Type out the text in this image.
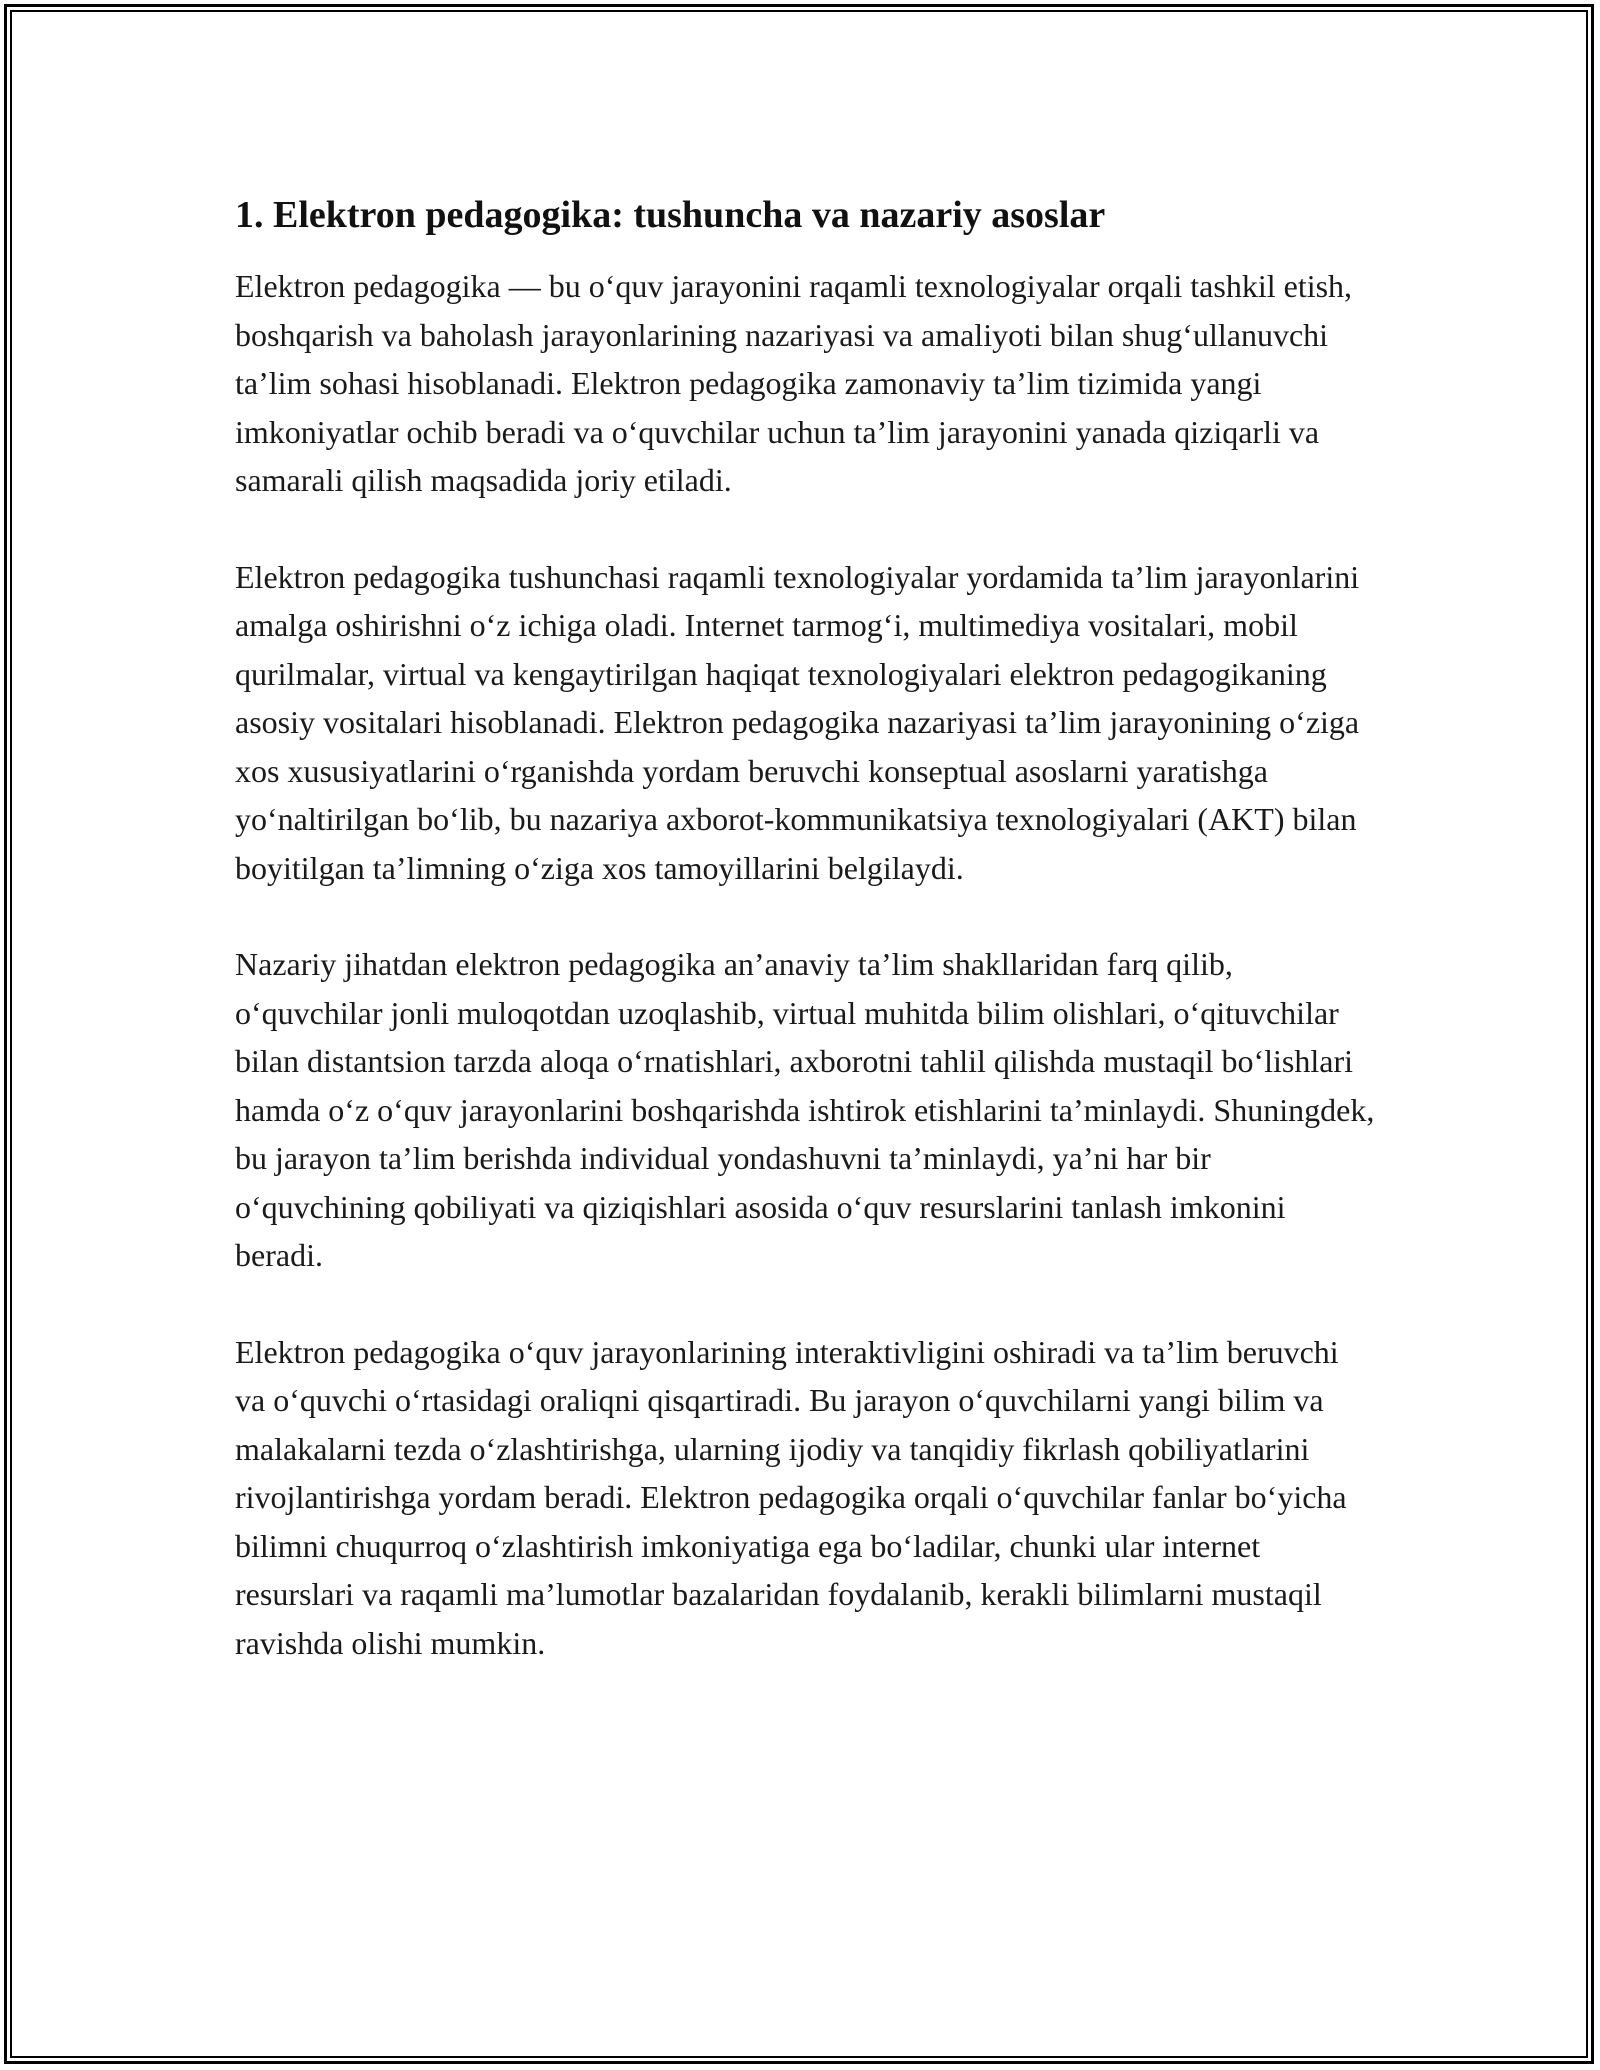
1. Elektron pedagogika: tushuncha va nazariy asoslar

Elektron pedagogika — bu o‘quv jarayonini raqamli texnologiyalar orqali tashkil etish, boshqarish va baholash jarayonlarining nazariyasi va amaliyoti bilan shug‘ullanuvchi ta’lim sohasi hisoblanadi. Elektron pedagogika zamonaviy ta’lim tizimida yangi imkoniyatlar ochib beradi va o‘quvchilar uchun ta’lim jarayonini yanada qiziqarli va samarali qilish maqsadida joriy etiladi.

Elektron pedagogika tushunchasi raqamli texnologiyalar yordamida ta’lim jarayonlarini amalga oshirishni o‘z ichiga oladi. Internet tarmog‘i, multimediya vositalari, mobil qurilmalar, virtual va kengaytirilgan haqiqat texnologiyalari elektron pedagogikaning asosiy vositalari hisoblanadi. Elektron pedagogika nazariyasi ta’lim jarayonining o‘ziga xos xususiyatlarini o‘rganishda yordam beruvchi konseptual asoslarni yaratishga yo‘naltirilgan bo‘lib, bu nazariya axborot-kommunikatsiya texnologiyalari (AKT) bilan boyitilgan ta’limning o‘ziga xos tamoyillarini belgilaydi.

Nazariy jihatdan elektron pedagogika an’anaviy ta’lim shakllaridan farq qilib, o‘quvchilar jonli muloqotdan uzoqlashib, virtual muhitda bilim olishlari, o‘qituvchilar bilan distantsion tarzda aloqa o‘rnatishlari, axborotni tahlil qilishda mustaqil bo‘lishlari hamda o‘z o‘quv jarayonlarini boshqarishda ishtirok etishlarini ta’minlaydi. Shuningdek, bu jarayon ta’lim berishda individual yondashuvni ta’minlaydi, ya’ni har bir o‘quvchining qobiliyati va qiziqishlari asosida o‘quv resurslarini tanlash imkonini beradi.

Elektron pedagogika o‘quv jarayonlarining interaktivligini oshiradi va ta’lim beruvchi va o‘quvchi o‘rtasidagi oraliqni qisqartiradi. Bu jarayon o‘quvchilarni yangi bilim va malakalarni tezda o‘zlashtirishga, ularning ijodiy va tanqidiy fikrlash qobiliyatlarini rivojlantirishga yordam beradi. Elektron pedagogika orqali o‘quvchilar fanlar bo‘yicha bilimni chuqurroq o‘zlashtirish imkoniyatiga ega bo‘ladilar, chunki ular internet resurslari va raqamli ma’lumotlar bazalaridan foydalanib, kerakli bilimlarni mustaqil ravishda olishi mumkin.
